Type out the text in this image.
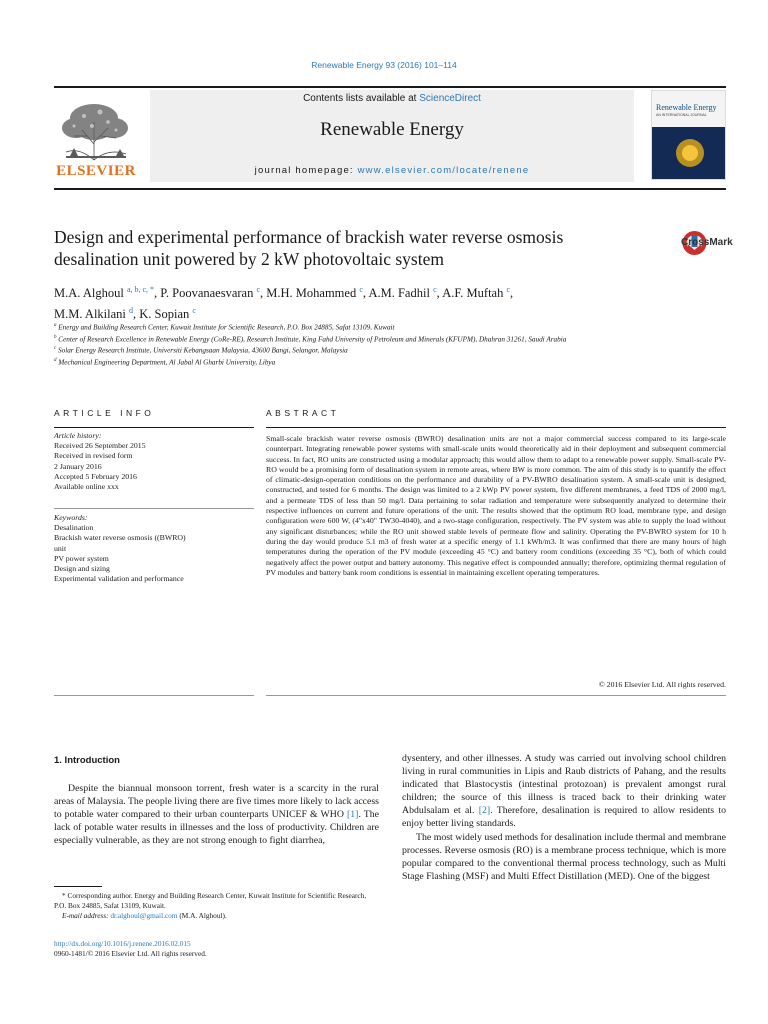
Renewable Energy 93 (2016) 101–114
ELSEVIER
Contents lists available at ScienceDirect
Renewable Energy
journal homepage: www.elsevier.com/locate/renene
Renewable Energy
AN INTERNATIONAL JOURNAL
Design and experimental performance of brackish water reverse osmosis desalination unit powered by 2 kW photovoltaic system
CrossMark
M.A. Alghoul $^{a, b, c, *}$, P. Poovanaesvaran $^c$, M.H. Mohammed $^c$, A.M. Fadhil $^c$, A.F. Muftah $^c$,
M.M. Alkilani $^d$, K. Sopian $^c$
$^a$ Energy and Building Research Center, Kuwait Institute for Scientific Research, P.O. Box 24885, Safat 13109, Kuwait
$^b$ Center of Research Excellence in Renewable Energy (CoRe-RE), Research Institute, King Fahd University of Petroleum and Minerals (KFUPM), Dhahran 31261, Saudi Arabia
$^c$ Solar Energy Research Institute, Universiti Kebangsaan Malaysia, 43600 Bangi, Selangor, Malaysia
$^d$ Mechanical Engineering Department, Al Jabal Al Gharbi University, Libya
ARTICLE INFO	ABSTRACT
Article history:
Received 26 September 2015
Received in revised form
2 January 2016
Accepted 5 February 2016
Available online xxx
Keywords:
Desalination
Brackish water reverse osmosis ((BWRO)
unit
PV power system
Design and sizing
Experimental validation and performance
Small-scale brackish water reverse osmosis (BWRO) desalination units are not a major commercial success compared to its large-scale counterpart. Integrating renewable power systems with small-scale units would theoretically aid in their deployment and subsequent commercial success. In fact, RO units are constructed using a modular approach; this would allow them to adapt to a renewable power supply. Small-scale PV-RO would be a promising form of desalination system in remote areas, where BW is more common. The aim of this study is to quantify the effect of climatic-design-operation conditions on the performance and durability of a PV-BWRO desalination system. A small-scale unit is designed, constructed, and tested for 6 months. The design was limited to a 2 kWp PV power system, five different membranes, a feed TDS of 2000 mg/l, and a permeate TDS of less than 50 mg/l. Data pertaining to solar radiation and temperature were subsequently analyzed to determine their respective influences on current and future operations of the unit. The results showed that the optimum RO load, membrane type, and design configuration were 600 W, (4"x40" TW30-4040), and a two-stage configuration, respectively. The PV system was able to supply the load without any significant disturbances; while the RO unit showed stable levels of permeate flow and salinity. Operating the PV-BWRO system for 10 h during the day would produce 5.1 m3 of fresh water at a specific energy of 1.1 kWh/m3. It was confirmed that there are many hours of high temperatures during the operation of the PV module (exceeding 45 °C) and battery room conditions (exceeding 35 °C), both of which could negatively affect the power output and battery autonomy. This negative effect is compounded annually; therefore, optimizing thermal regulation of PV modules and battery bank room conditions is essential in maintaining excellent operating temperatures.
© 2016 Elsevier Ltd. All rights reserved.
1. Introduction

Despite the biannual monsoon torrent, fresh water is a scarcity in the rural areas of Malaysia. The people living there are five times more likely to lack access to potable water compared to their urban counterparts UNICEF & WHO [1]. The lack of potable water results in illnesses and the loss of productivity. Children are especially vulnerable, as they are not strong enough to fight diarrhea,

dysentery, and other illnesses. A study was carried out involving school children living in rural communities in Lipis and Raub districts of Pahang, and the results indicated that Blastocystis (intestinal protozoan) is prevalent amongst rural children; the source of this illness is traced back to their drinking water Abdulsalam et al. [2]. Therefore, desalination is required to allow residents to enjoy better living standards.

The most widely used methods for desalination include thermal and membrane processes. Reverse osmosis (RO) is a membrane process technique, which is more popular compared to the conventional thermal process technology, such as Multi Stage Flashing (MSF) and Multi Effect Distillation (MED). One of the biggest

* Corresponding author. Energy and Building Research Center, Kuwait Institute for Scientific Research, P.O. Box 24885, Safat 13109, Kuwait.
E-mail address: dr.alghoul@gmail.com (M.A. Alghoul).
http://dx.doi.org/10.1016/j.renene.2016.02.015
0960-1481/© 2016 Elsevier Ltd. All rights reserved.
